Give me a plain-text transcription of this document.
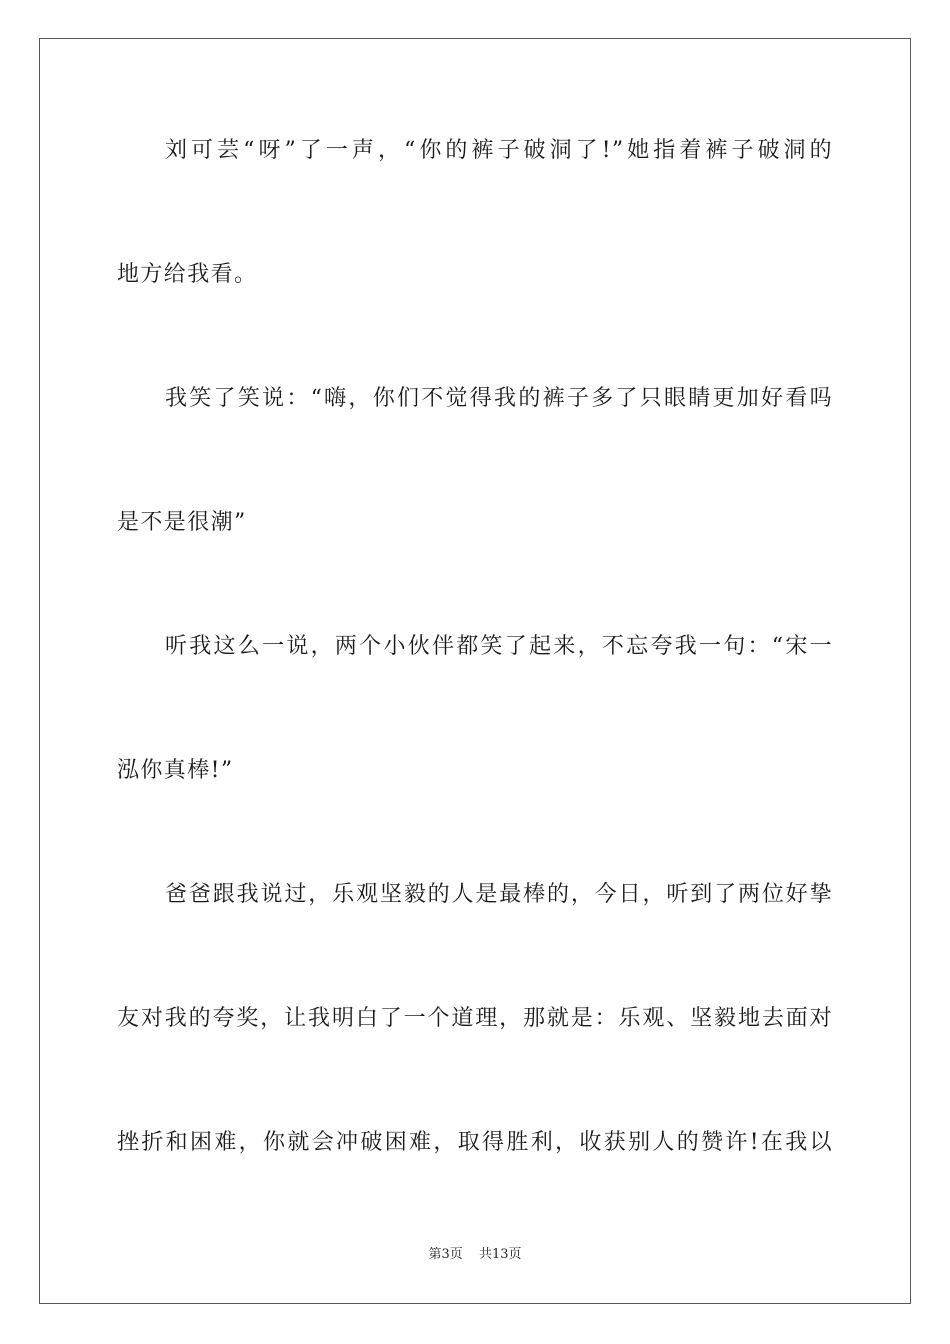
刘可芸“呀”了一声，“你的裤子破洞了!”她指着裤子破洞的
地方给我看。
我笑了笑说：“嗨，你们不觉得我的裤子多了只眼睛更加好看吗
是不是很潮”
听我这么一说，两个小伙伴都笑了起来，不忘夸我一句：“宋一
泓你真棒!”
爸爸跟我说过，乐观坚毅的人是最棒的，今日，听到了两位好挚
友对我的夸奖，让我明白了一个道理，那就是：乐观、坚毅地去面对
挫折和困难，你就会冲破困难，取得胜利，收获别人的赞许!在我以
第3页 共13页
